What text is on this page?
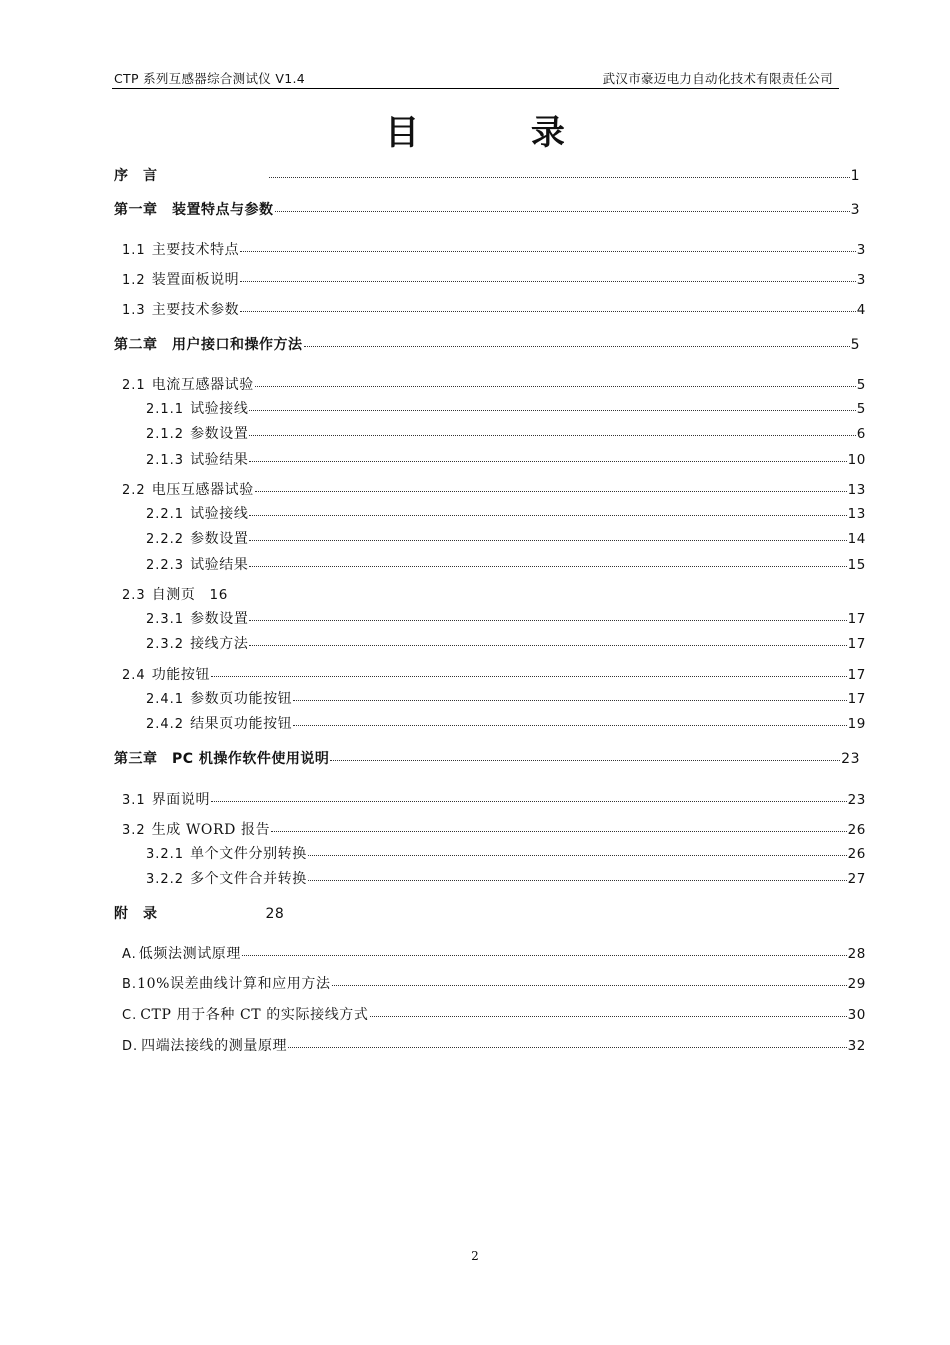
CTP 系列互感器综合测试仪 V1.4	武汉市豪迈电力自动化技术有限责任公司
目 录
序　言	1
第一章　装置特点与参数	3
1.1 主要技术特点	3
1.2 装置面板说明	3
1.3 主要技术参数	4
第二章　用户接口和操作方法	5
2.1 电流互感器试验	5
2.1.1 试验接线	5
2.1.2 参数设置	6
2.1.3 试验结果	10
2.2 电压互感器试验	13
2.2.1 试验接线	13
2.2.2 参数设置	14
2.2.3 试验结果	15
2.3 自测页 16
2.3.1 参数设置	17
2.3.2 接线方法	17
2.4 功能按钮	17
2.4.1 参数页功能按钮	17
2.4.2 结果页功能按钮	19
第三章　PC 机操作软件使用说明	23
3.1 界面说明	23
3.2 生成 WORD 报告	26
3.2.1 单个文件分别转换	26
3.2.2 多个文件合并转换	27
附　录	28
A. 低频法测试原理	28
B. 10%误差曲线计算和应用方法	29
C. CTP 用于各种 CT 的实际接线方式	30
D. 四端法接线的测量原理	32
2
